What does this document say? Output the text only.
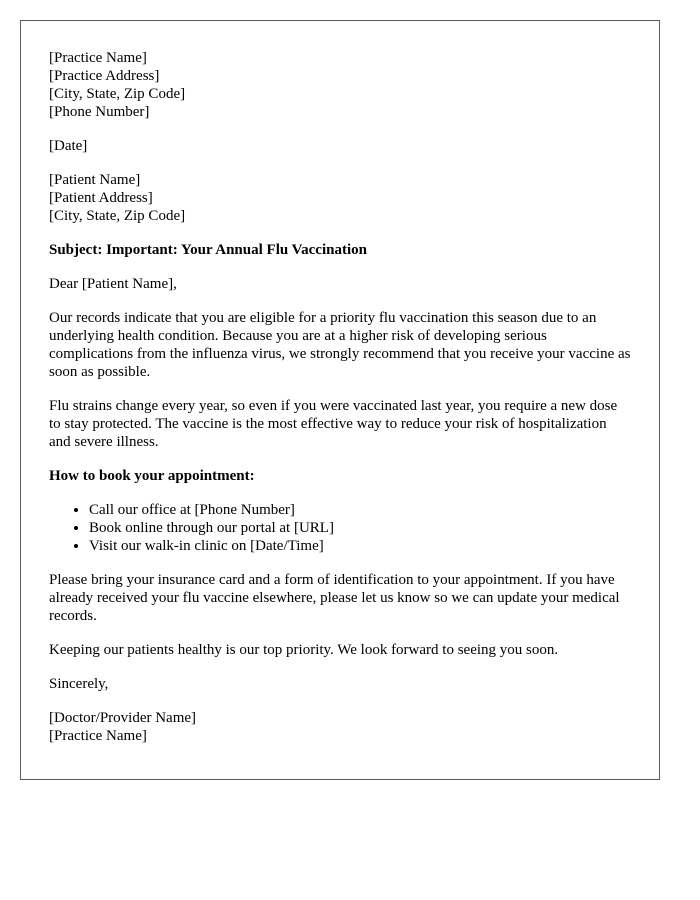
[Practice Name]
[Practice Address]
[City, State, Zip Code]
[Phone Number]
[Date]
[Patient Name]
[Patient Address]
[City, State, Zip Code]
Subject: Important: Your Annual Flu Vaccination

Dear [Patient Name],

Our records indicate that you are eligible for a priority flu vaccination this season due to an underlying health condition. Because you are at a higher risk of developing serious complications from the influenza virus, we strongly recommend that you receive your vaccine as soon as possible.

Flu strains change every year, so even if you were vaccinated last year, you require a new dose to stay protected. The vaccine is the most effective way to reduce your risk of hospitalization and severe illness.

How to book your appointment:
• Call our office at [Phone Number]
• Book online through our portal at [URL]
• Visit our walk-in clinic on [Date/Time]

Please bring your insurance card and a form of identification to your appointment. If you have already received your flu vaccine elsewhere, please let us know so we can update your medical records.

Keeping our patients healthy is our top priority. We look forward to seeing you soon.

Sincerely,

[Doctor/Provider Name]
[Practice Name]
